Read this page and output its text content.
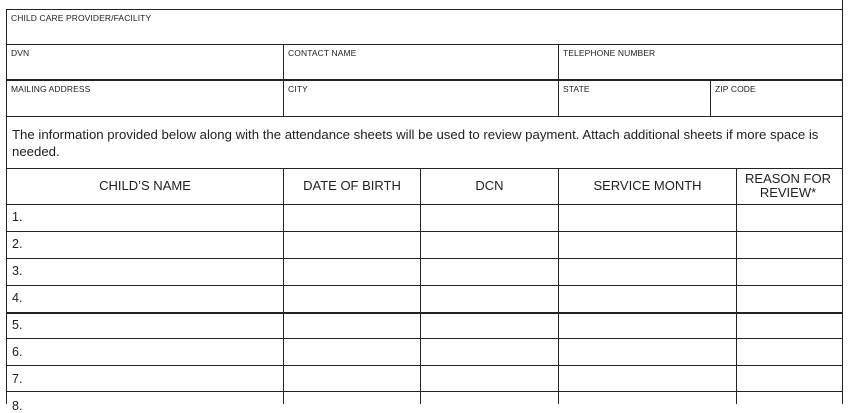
CHILD CARE PROVIDER/FACILITY
DVN	CONTACT NAME	TELEPHONE NUMBER
MAILING ADDRESS	CITY	STATE	ZIP CODE
The information provided below along with the attendance sheets will be used to review payment. Attach additional sheets if more space is needed.
CHILD’S NAME	DATE OF BIRTH	DCN	SERVICE MONTH	REASON FOR REVIEW*
1.
2.
3.
4.
5.
6.
7.
8.
